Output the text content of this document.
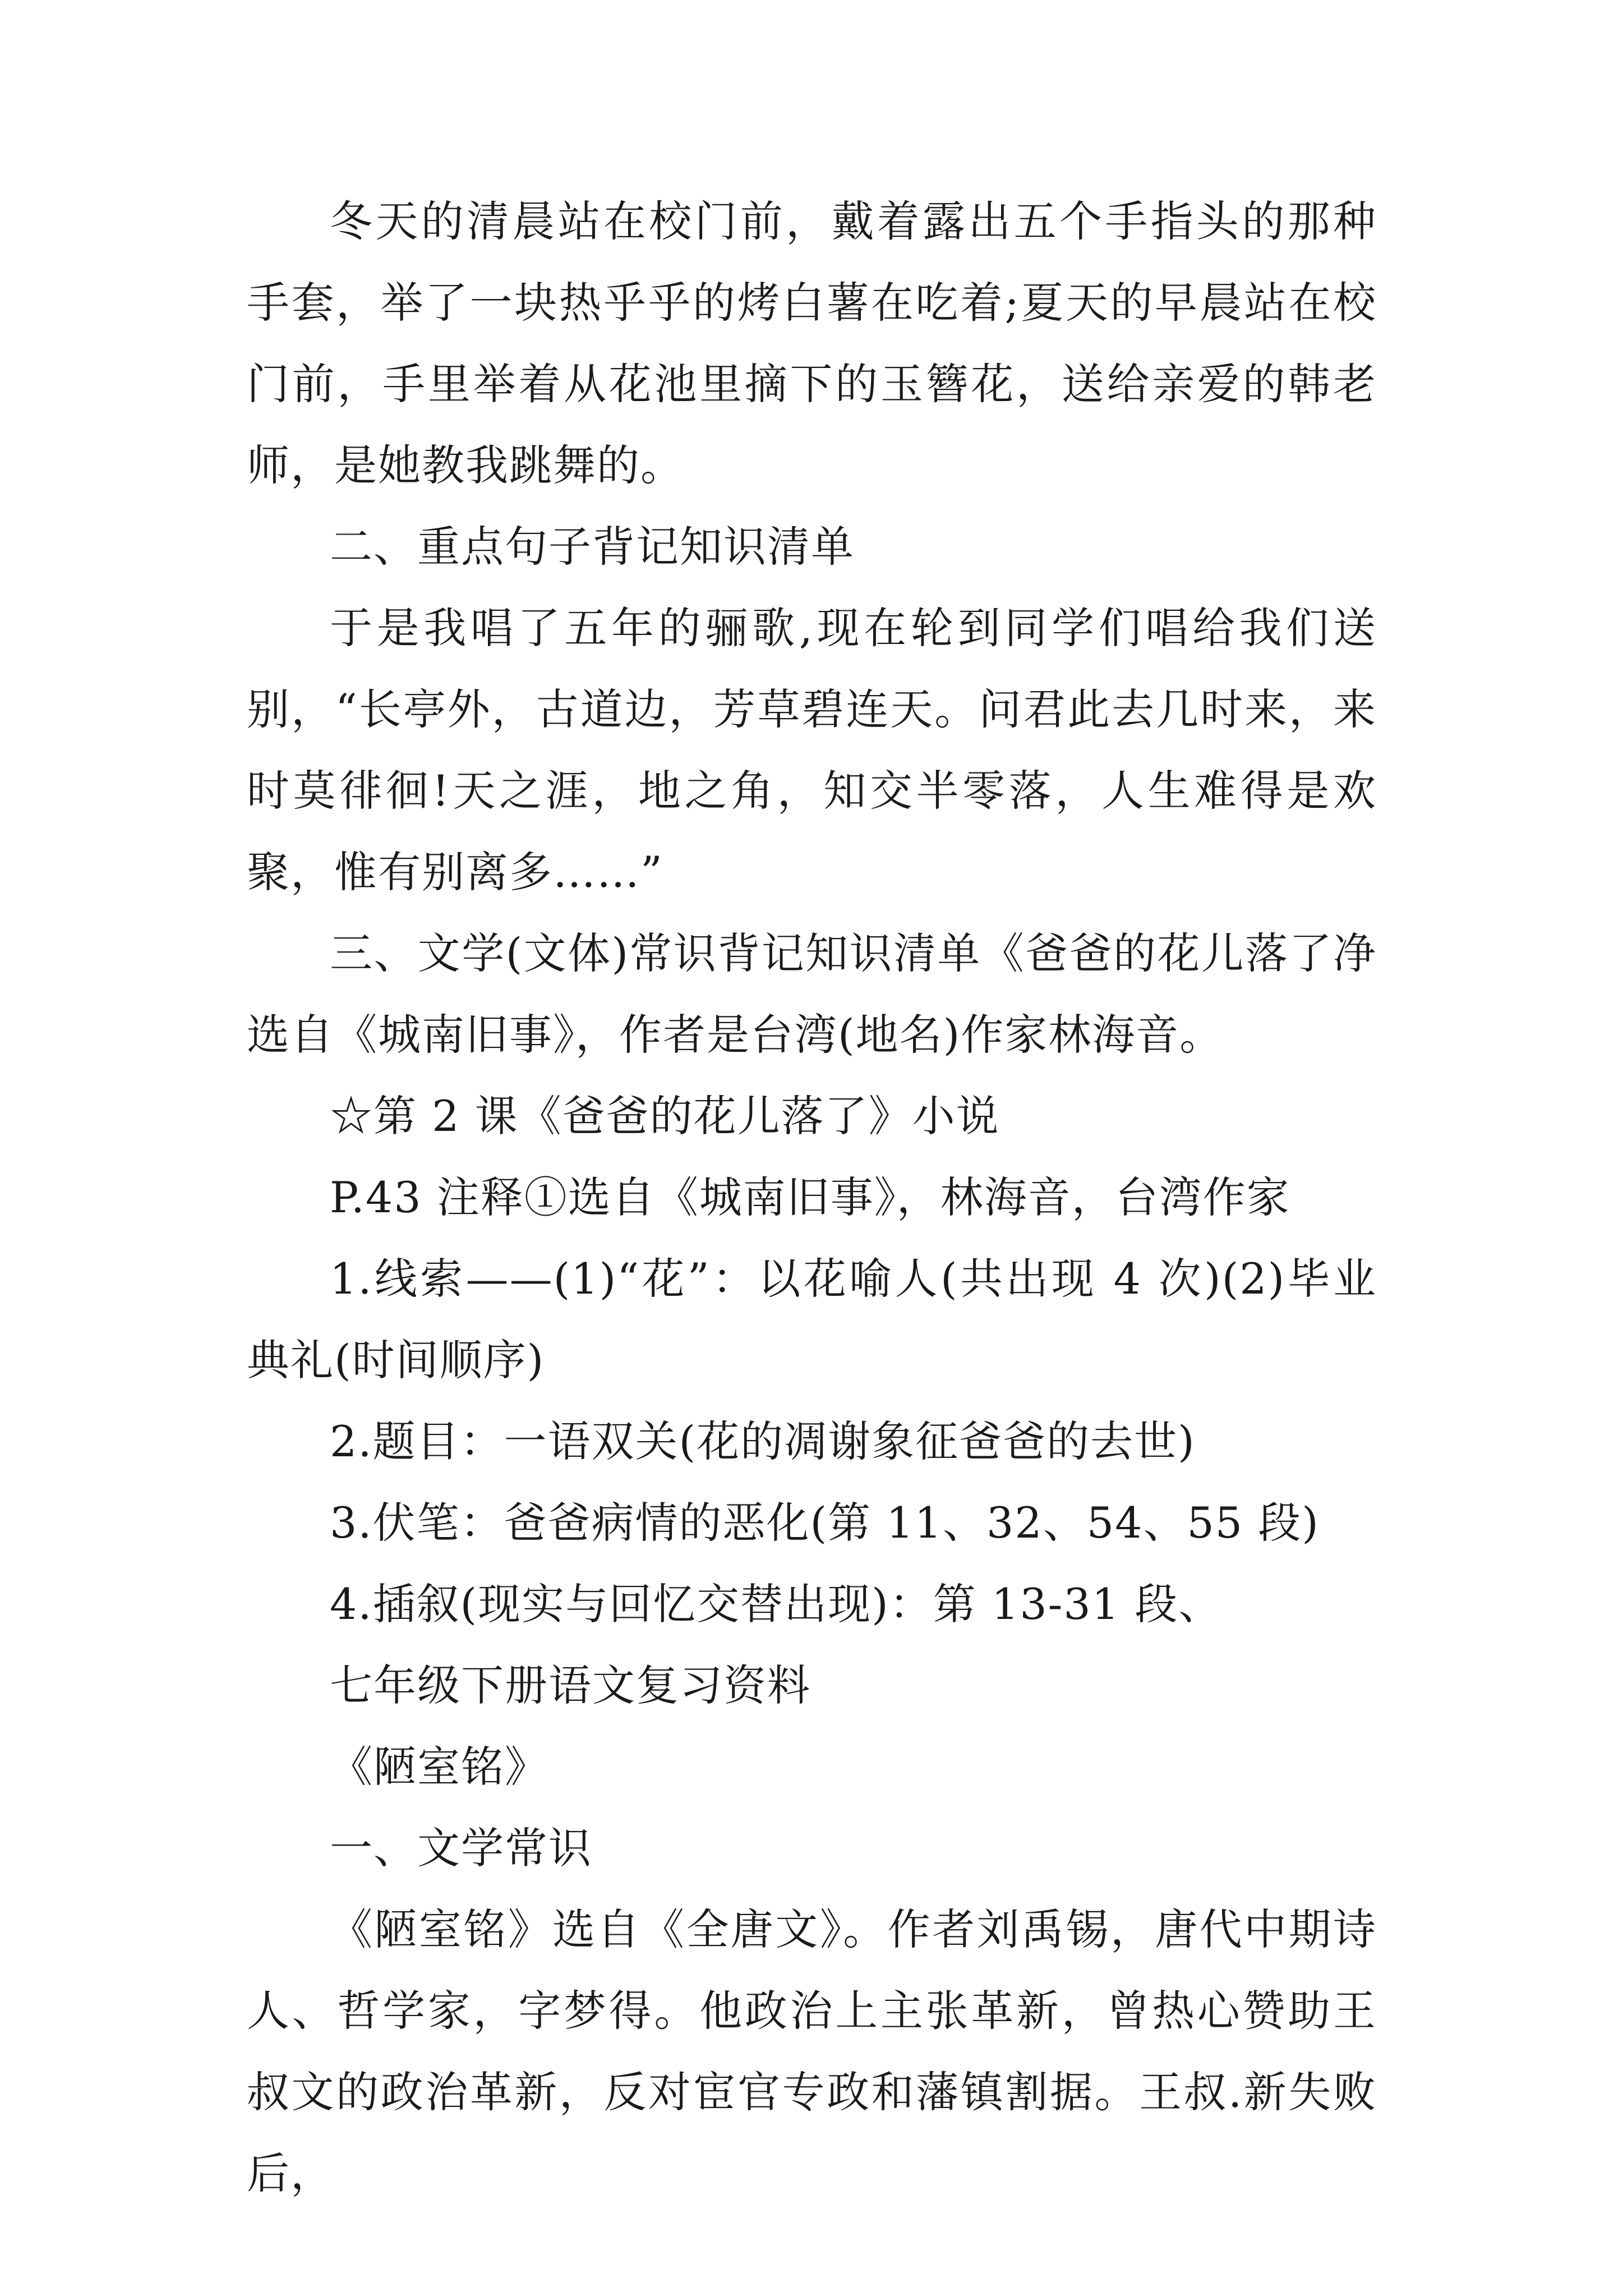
冬天的清晨站在校门前，戴着露出五个手指头的那种手套，举了一块热乎乎的烤白薯在吃着;夏天的早晨站在校门前，手里举着从花池里摘下的玉簪花，送给亲爱的韩老师，是她教我跳舞的。

二、重点句子背记知识清单

于是我唱了五年的骊歌,现在轮到同学们唱给我们送别，“长亭外，古道边，芳草碧连天。问君此去几时来，来时莫徘徊!天之涯，地之角，知交半零落，人生难得是欢聚，惟有别离多……”

三、文学(文体)常识背记知识清单《爸爸的花儿落了净选自《城南旧事》，作者是台湾(地名)作家林海音。

☆第 2 课《爸爸的花儿落了》小说

P.43 注释①选自《城南旧事》，林海音，台湾作家

1.线索——(1)“花”：以花喻人(共出现 4 次)(2)毕业典礼(时间顺序)

2.题目：一语双关(花的凋谢象征爸爸的去世)

3.伏笔：爸爸病情的恶化(第 11、32、54、55 段)

4.插叙(现实与回忆交替出现)：第 13-31 段、

七年级下册语文复习资料

《陋室铭》

一、文学常识

《陋室铭》选自《全唐文》。作者刘禹锡，唐代中期诗人、哲学家，字梦得。他政治上主张革新，曾热心赞助王叔文的政治革新，反对宦官专政和藩镇割据。王叔.新失败后，
